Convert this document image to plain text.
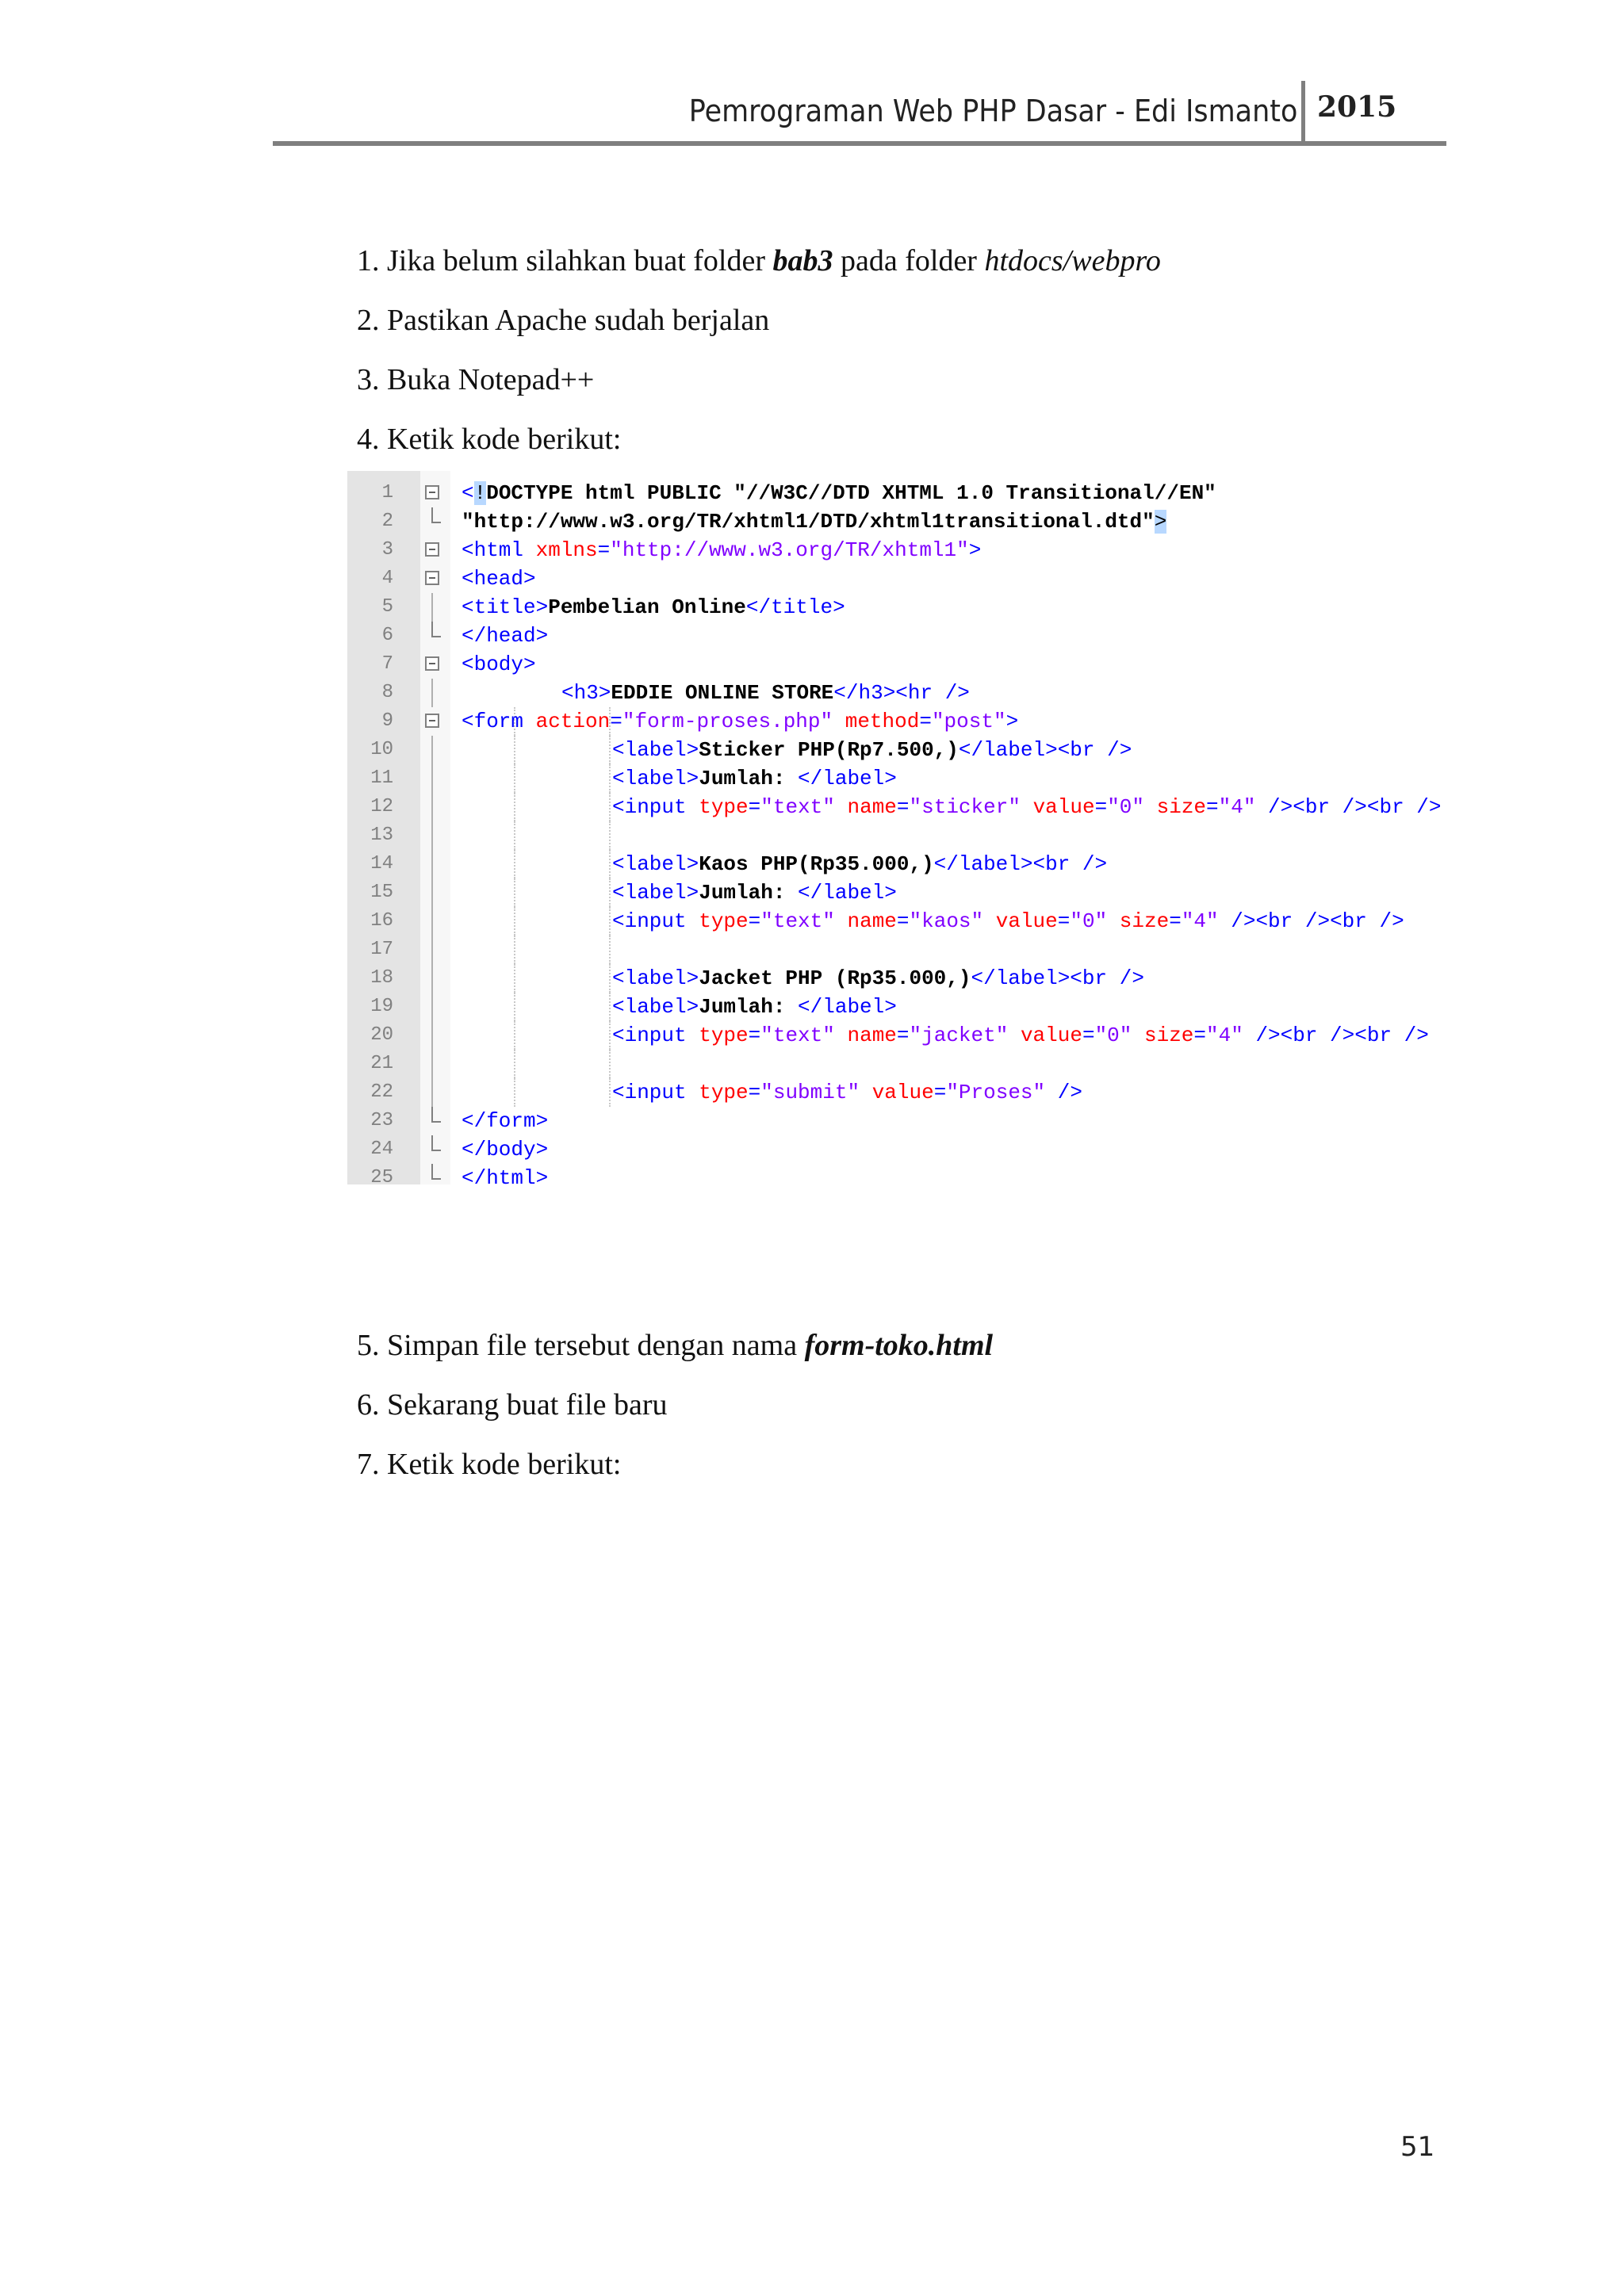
Pemrograman Web PHP Dasar - Edi Ismanto 2015
1. Jika belum silahkan buat folder bab3 pada folder htdocs/webpro
2. Pastikan Apache sudah berjalan
3. Buka Notepad++
4. Ketik kode berikut:
1	<!DOCTYPE html PUBLIC "//W3C//DTD XHTML 1.0 Transitional//EN"
2	"http://www.w3.org/TR/xhtml1/DTD/xhtml1transitional.dtd">
3	<html xmlns="http://www.w3.org/TR/xhtml1">
4	<head>
5	<title>Pembelian Online</title>
6	</head>
7	<body>
8	<h3>EDDIE ONLINE STORE</h3><hr />
9	<form action="form-proses.php" method="post">
10	<label>Sticker PHP(Rp7.500,)</label><br />
11	<label>Jumlah: </label>
12	<input type="text" name="sticker" value="0" size="4" /><br /><br />
13
14	<label>Kaos PHP(Rp35.000,)</label><br />
15	<label>Jumlah: </label>
16	<input type="text" name="kaos" value="0" size="4" /><br /><br />
17
18	<label>Jacket PHP (Rp35.000,)</label><br />
19	<label>Jumlah: </label>
20	<input type="text" name="jacket" value="0" size="4" /><br /><br />
21
22	<input type="submit" value="Proses" />
23	</form>
24	</body>
25	</html>
5. Simpan file tersebut dengan nama form-toko.html
6. Sekarang buat file baru
7. Ketik kode berikut:
51
